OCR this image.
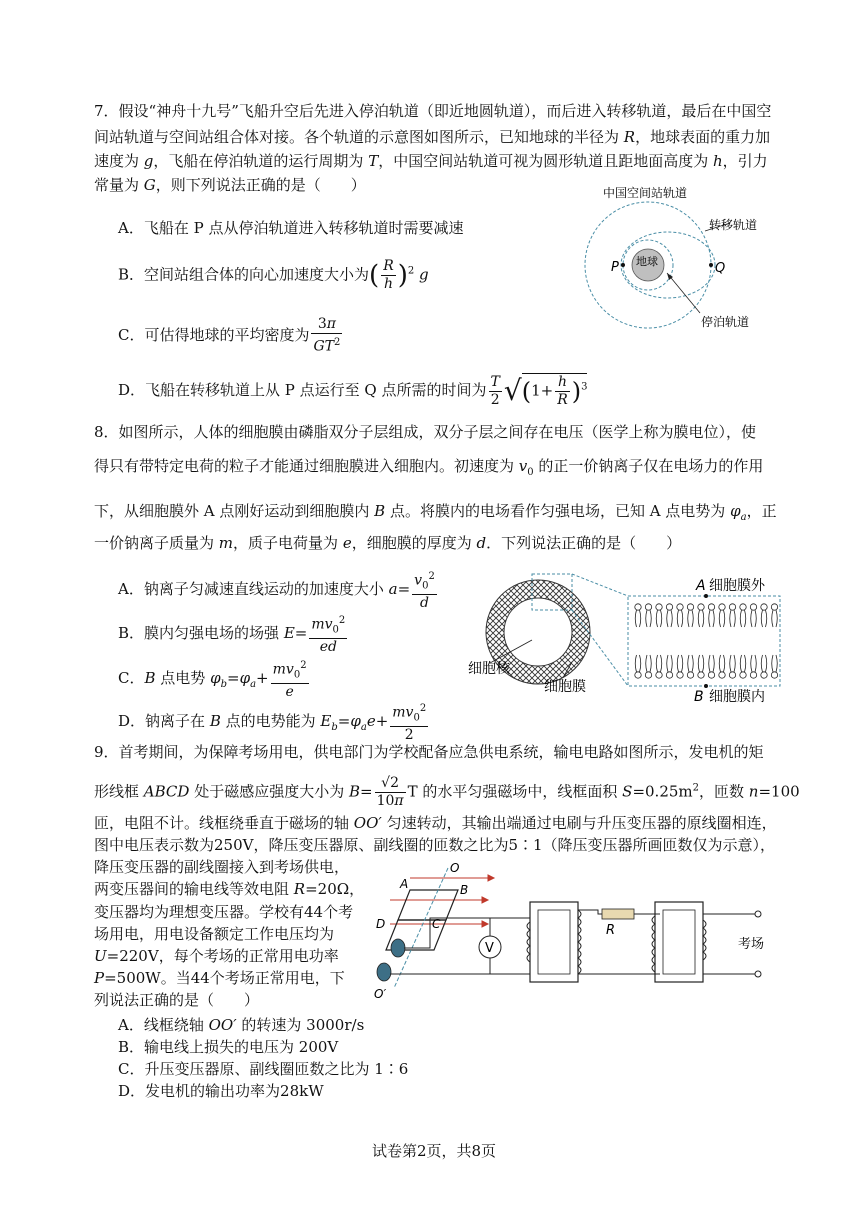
7．假设“神舟十九号”飞船升空后先进入停泊轨道（即近地圆轨道），而后进入转移轨道，最后在中国空
间站轨道与空间站组合体对接。各个轨道的示意图如图所示，已知地球的半径为 R，地球表面的重力加
速度为 g，飞船在停泊轨道的运行周期为 T，中国空间站轨道可视为圆形轨道且距地面高度为 h，引力
常量为 G，则下列说法正确的是（　　）
A．飞船在 P 点从停泊轨道进入转移轨道时需要减速
B．空间站组合体的向心加速度大小为( $\frac{R}{h} )^2$ g
C．可估得地球的平均密度为 $\frac{3\pi}{GT^2}$
D．飞船在转移轨道上从 P 点运行至 Q 点所需的时间为 $\frac{T}{2} √(1+ \frac{h}{R} )^3$
中国空间站轨道
地球
P	Q
转移轨道
停泊轨道
8．如图所示，人体的细胞膜由磷脂双分子层组成，双分子层之间存在电压（医学上称为膜电位），使
得只有带特定电荷的粒子才能通过细胞膜进入细胞内。初速度为 $v_0$ 的正一价钠离子仅在电场力的作用
下，从细胞膜外 A 点刚好运动到细胞膜内 B 点。将膜内的电场看作匀强电场，已知 A 点电势为 $\varphi_a$，正
一价钠离子质量为 m，质子电荷量为 e，细胞膜的厚度为 d．下列说法正确的是（　　）
A．钠离子匀减速直线运动的加速度大小 $a= \frac{v_0^2}{d}$
B．膜内匀强电场的场强 $E= \frac{mv_0^2}{ed}$
C．B 点电势 $\varphi_b=\varphi_a+ \frac{mv_0^2}{e}$
D．钠离子在 B 点的电势能为 $E_b=\varphi_ae+ \frac{mv_0^2}{2}$
A 细胞膜外
B 细胞膜内
细胞核
细胞膜
9．首考期间，为保障考场用电，供电部门为学校配备应急供电系统，输电电路如图所示，发电机的矩
形线框 ABCD 处于磁感应强度大小为 $B= \frac{√2}{10\pi}$ T 的水平匀强磁场中，线框面积 $S=0.25m^2$，匝数 n=100
匝，电阻不计。线框绕垂直于磁场的轴 OO′ 匀速转动，其输出端通过电刷与升压变压器的原线圈相连，
图中电压表示数为250V，降压变压器原、副线圈的匝数之比为5∶1（降压变压器所画匝数仅为示意），
降压变压器的副线圈接入到考场供电，
两变压器间的输电线等效电阻 R=20Ω，
变压器均为理想变压器。学校有44个考
场用电，用电设备额定工作电压均为
U=220V，每个考场的正常用电功率
P=500W。当44个考场正常用电，下
列说法正确的是（　　）
A．线框绕轴 OO′ 的转速为 3000r/s
B．输电线上损失的电压为 200V
C．升压变压器原、副线圈匝数之比为 1∶6
D．发电机的输出功率为28kW
O
O′
A	B
D	C
V
R
考场
试卷第2页，共8页
